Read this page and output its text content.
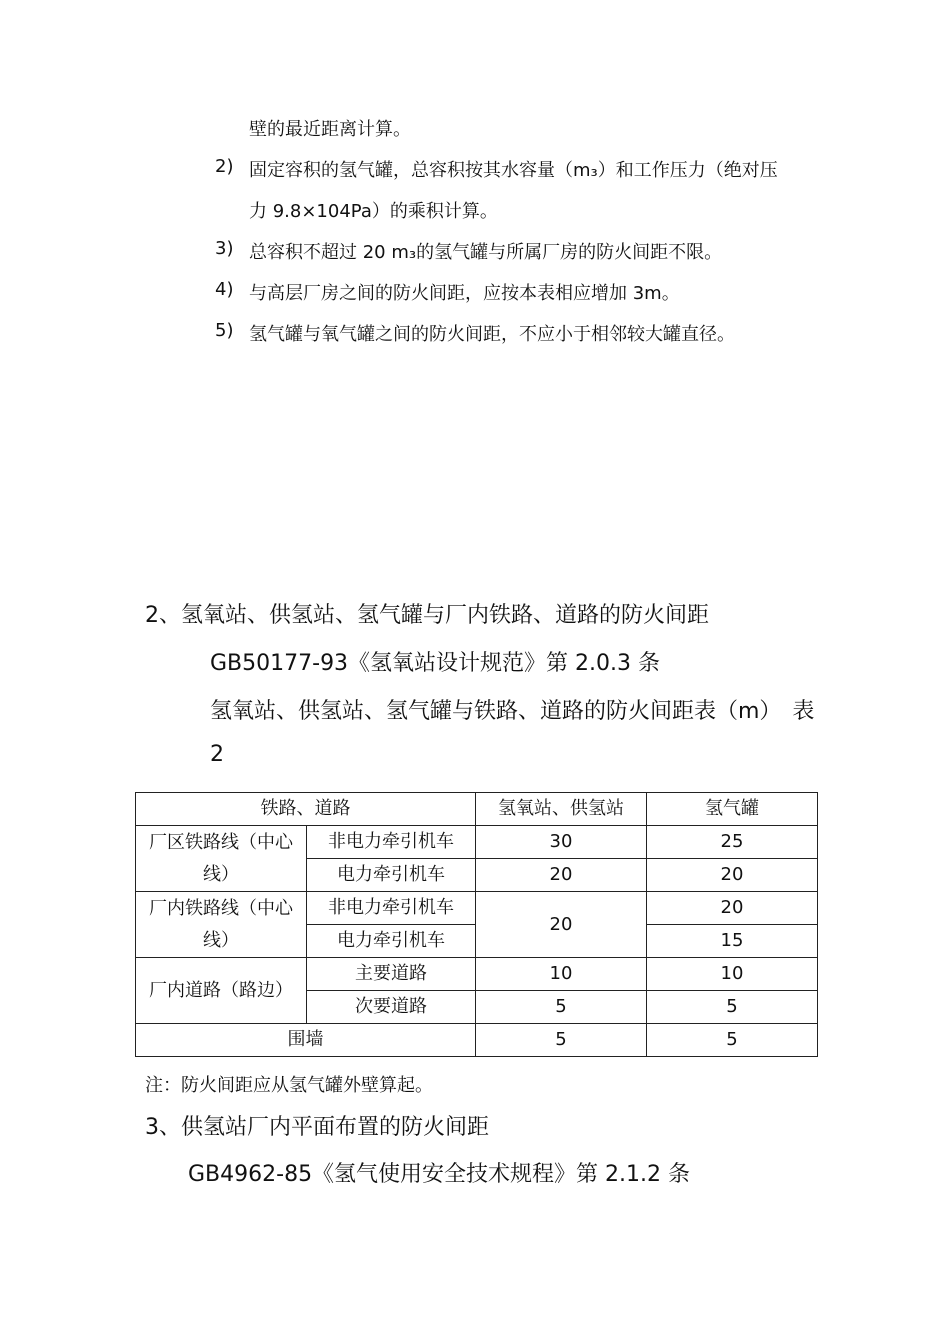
壁的最近距离计算。
2) 固定容积的氢气罐，总容积按其水容量（m₃）和工作压力（绝对压
力 9.8×104Pa）的乘积计算。
3) 总容积不超过 20 m₃的氢气罐与所属厂房的防火间距不限。
4) 与高层厂房之间的防火间距，应按本表相应增加 3m。
5) 氢气罐与氧气罐之间的防火间距，不应小于相邻较大罐直径。
2、氢氧站、供氢站、氢气罐与厂内铁路、道路的防火间距
GB50177-93《氢氧站设计规范》第 2.0.3 条
氢氧站、供氢站、氢气罐与铁路、道路的防火间距表（m）　表
2
铁路、道路		氢氧站、供氢站	氢气罐
厂区铁路线（中心线）	非电力牵引机车	30	25
	电力牵引机车	20	20
厂内铁路线（中心线）	非电力牵引机车	20	20
	电力牵引机车		15
厂内道路（路边）	主要道路	10	10
	次要道路	5	5
围墙		5	5
注：防火间距应从氢气罐外壁算起。
3、供氢站厂内平面布置的防火间距
GB4962-85《氢气使用安全技术规程》第 2.1.2 条
